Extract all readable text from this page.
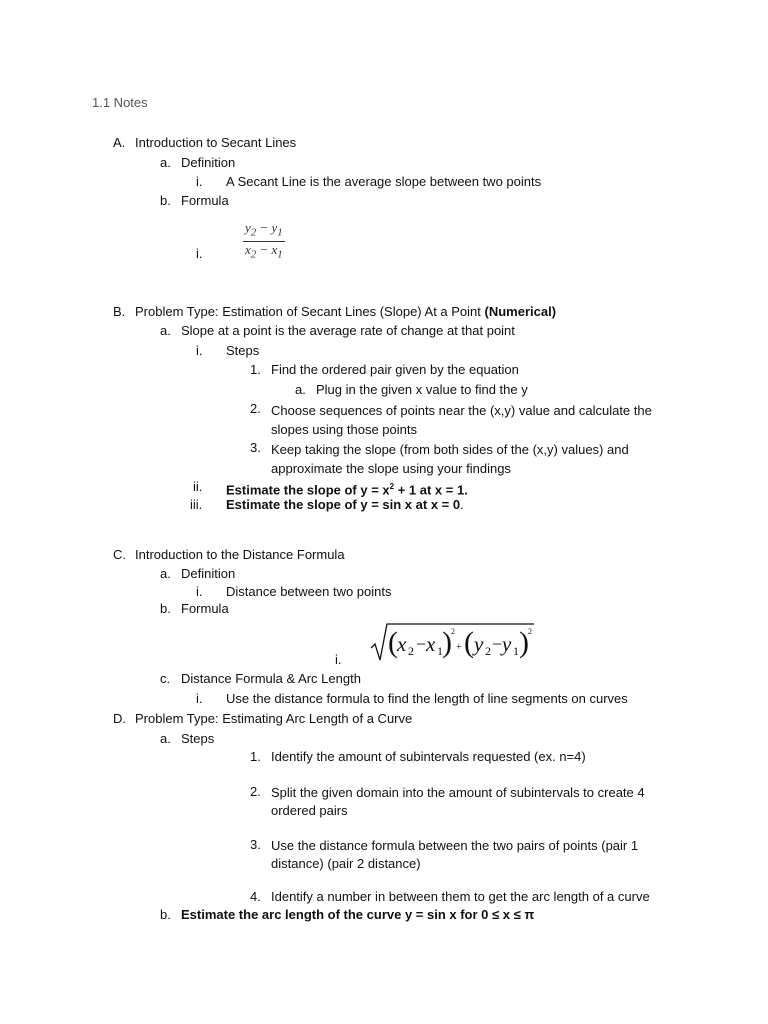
1.1 Notes
A. Introduction to Secant Lines
a. Definition
i. A Secant Line is the average slope between two points
b. Formula
i.	$\frac{y_2 - y_1}{x_2 - x_1}$
B. Problem Type: Estimation of Secant Lines (Slope) At a Point (Numerical)
a. Slope at a point is the average rate of change at that point
i. Steps
1. Find the ordered pair given by the equation
a. Plug in the given x value to find the y
2. Choose sequences of points near the (x,y) value and calculate the slopes using those points
3. Keep taking the slope (from both sides of the (x,y) values) and approximate the slope using your findings
ii. Estimate the slope of $y = x^2 + 1$ at x = 1.
iii. Estimate the slope of y = sin x at x = 0.
C. Introduction to the Distance Formula
a. Definition
i. Distance between two points
b. Formula
i.
( x 2 − x 1 ) 2
+ ( y 2 − y 1 ) 2
c. Distance Formula & Arc Length
i. Use the distance formula to find the length of line segments on curves
D. Problem Type: Estimating Arc Length of a Curve
a. Steps
1. Identify the amount of subintervals requested (ex. n=4)
2. Split the given domain into the amount of subintervals to create 4 ordered pairs
3. Use the distance formula between the two pairs of points (pair 1 distance) (pair 2 distance)
4. Identify a number in between them to get the arc length of a curve
b. Estimate the arc length of the curve y = sin x for 0 ≤ x ≤ π
